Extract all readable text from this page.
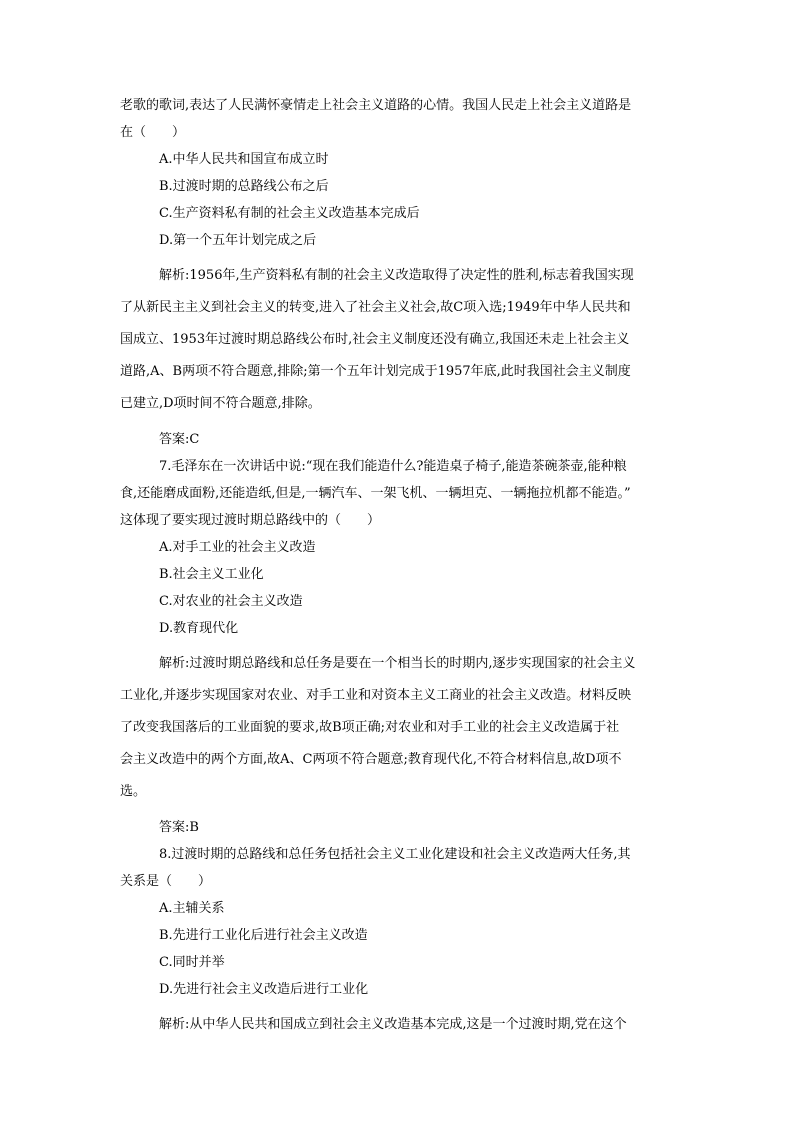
老歌的歌词,表达了人民满怀豪情走上社会主义道路的心情。我国人民走上社会主义道路是
在（　　）
A.中华人民共和国宣布成立时
B.过渡时期的总路线公布之后
C.生产资料私有制的社会主义改造基本完成后
D.第一个五年计划完成之后
解析:1956年,生产资料私有制的社会主义改造取得了决定性的胜利,标志着我国实现
了从新民主主义到社会主义的转变,进入了社会主义社会,故C项入选;1949年中华人民共和
国成立、1953年过渡时期总路线公布时,社会主义制度还没有确立,我国还未走上社会主义
道路,A、B两项不符合题意,排除;第一个五年计划完成于1957年底,此时我国社会主义制度
已建立,D项时间不符合题意,排除。
答案:C
7.毛泽东在一次讲话中说:“现在我们能造什么?能造桌子椅子,能造茶碗茶壶,能种粮
食,还能磨成面粉,还能造纸,但是,一辆汽车、一架飞机、一辆坦克、一辆拖拉机都不能造。”
这体现了要实现过渡时期总路线中的（　　）
A.对手工业的社会主义改造
B.社会主义工业化
C.对农业的社会主义改造
D.教育现代化
解析:过渡时期总路线和总任务是要在一个相当长的时期内,逐步实现国家的社会主义
工业化,并逐步实现国家对农业、对手工业和对资本主义工商业的社会主义改造。材料反映
了改变我国落后的工业面貌的要求,故B项正确;对农业和对手工业的社会主义改造属于社
会主义改造中的两个方面,故A、C两项不符合题意;教育现代化,不符合材料信息,故D项不
选。
答案:B
8.过渡时期的总路线和总任务包括社会主义工业化建设和社会主义改造两大任务,其
关系是（　　）
A.主辅关系
B.先进行工业化后进行社会主义改造
C.同时并举
D.先进行社会主义改造后进行工业化
解析:从中华人民共和国成立到社会主义改造基本完成,这是一个过渡时期,党在这个
